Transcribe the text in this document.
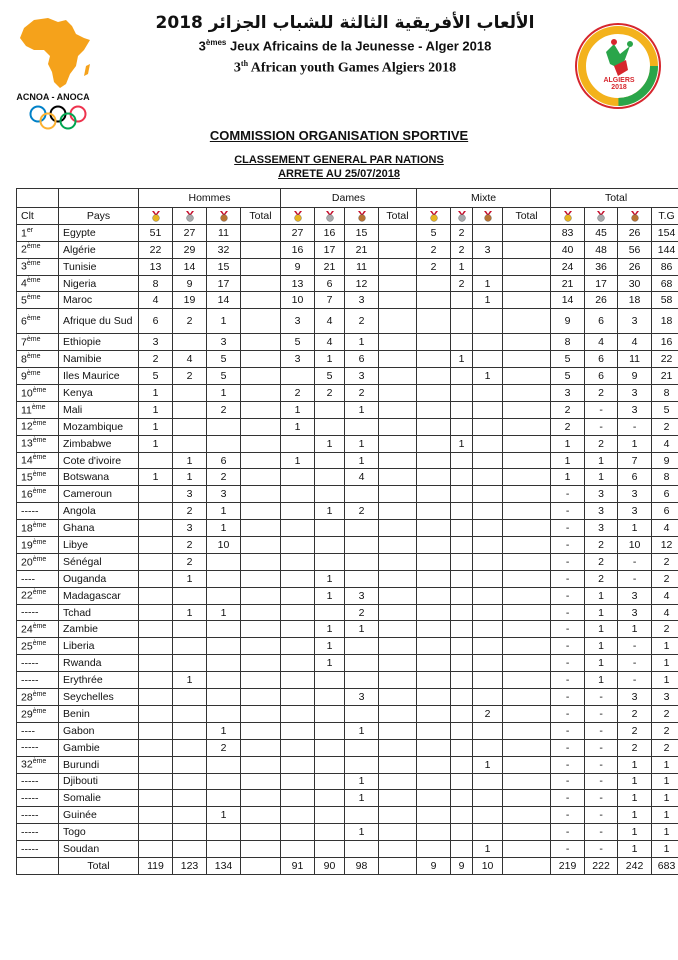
ACNOA - ANOCA
ALGIERS 2018
الألعاب الأفريقية الثالثة للشباب الجزائر 2018
3èmes Jeux Africains de la Jeunesse - Alger 2018
3th African youth Games Algiers 2018
COMMISSION ORGANISATION SPORTIVE
CLASSEMENT GENERAL PAR NATIONS
ARRETE AU 25/07/2018
		Hommes				Dames				Mixte				Total			
Clt	Pays				Total				Total				Total				T.G
1er	Egypte	51	27	11		27	16	15		5	2			83	45	26	154
2ème	Algérie	22	29	32		16	17	21		2	2	3		40	48	56	144
3ème	Tunisie	13	14	15		9	21	11		2	1			24	36	26	86
4ème	Nigeria	8	9	17		13	6	12			2	1		21	17	30	68
5ème	Maroc	4	19	14		10	7	3				1		14	26	18	58
6ème	Afrique du Sud	6	2	1		3	4	2						9	6	3	18
7ème	Ethiopie	3		3		5	4	1						8	4	4	16
8ème	Namibie	2	4	5		3	1	6			1			5	6	11	22
9ème	Iles Maurice	5	2	5			5	3				1		5	6	9	21
10ème	Kenya	1		1		2	2	2						3	2	3	8
11ème	Mali	1		2		1		1						2	-	3	5
12ème	Mozambique	1				1								2	-	-	2
13ème	Zimbabwe	1					1	1			1			1	2	1	4
14ème	Cote d'ivoire		1	6		1		1						1	1	7	9
15ème	Botswana	1	1	2				4						1	1	6	8
16ème	Cameroun		3	3										-	3	3	6
-----	Angola		2	1			1	2						-	3	3	6
18ème	Ghana		3	1										-	3	1	4
19ème	Libye		2	10										-	2	10	12
20ème	Sénégal		2											-	2	-	2
----	Ouganda		1				1							-	2	-	2
22ème	Madagascar						1	3						-	1	3	4
-----	Tchad		1	1				2						-	1	3	4
24ème	Zambie						1	1						-	1	1	2
25ème	Liberia						1							-	1	-	1
-----	Rwanda						1							-	1	-	1
-----	Erythrée		1											-	1	-	1
28ème	Seychelles							3						-	-	3	3
29ème	Benin											2		-	-	2	2
----	Gabon			1				1						-	-	2	2
-----	Gambie			2										-	-	2	2
32ème	Burundi											1		-	-	1	1
-----	Djibouti							1						-	-	1	1
-----	Somalie							1						-	-	1	1
-----	Guinée			1										-	-	1	1
-----	Togo							1						-	-	1	1
-----	Soudan											1		-	-	1	1
	Total	119	123	134		91	90	98		9	9	10		219	222	242	683
